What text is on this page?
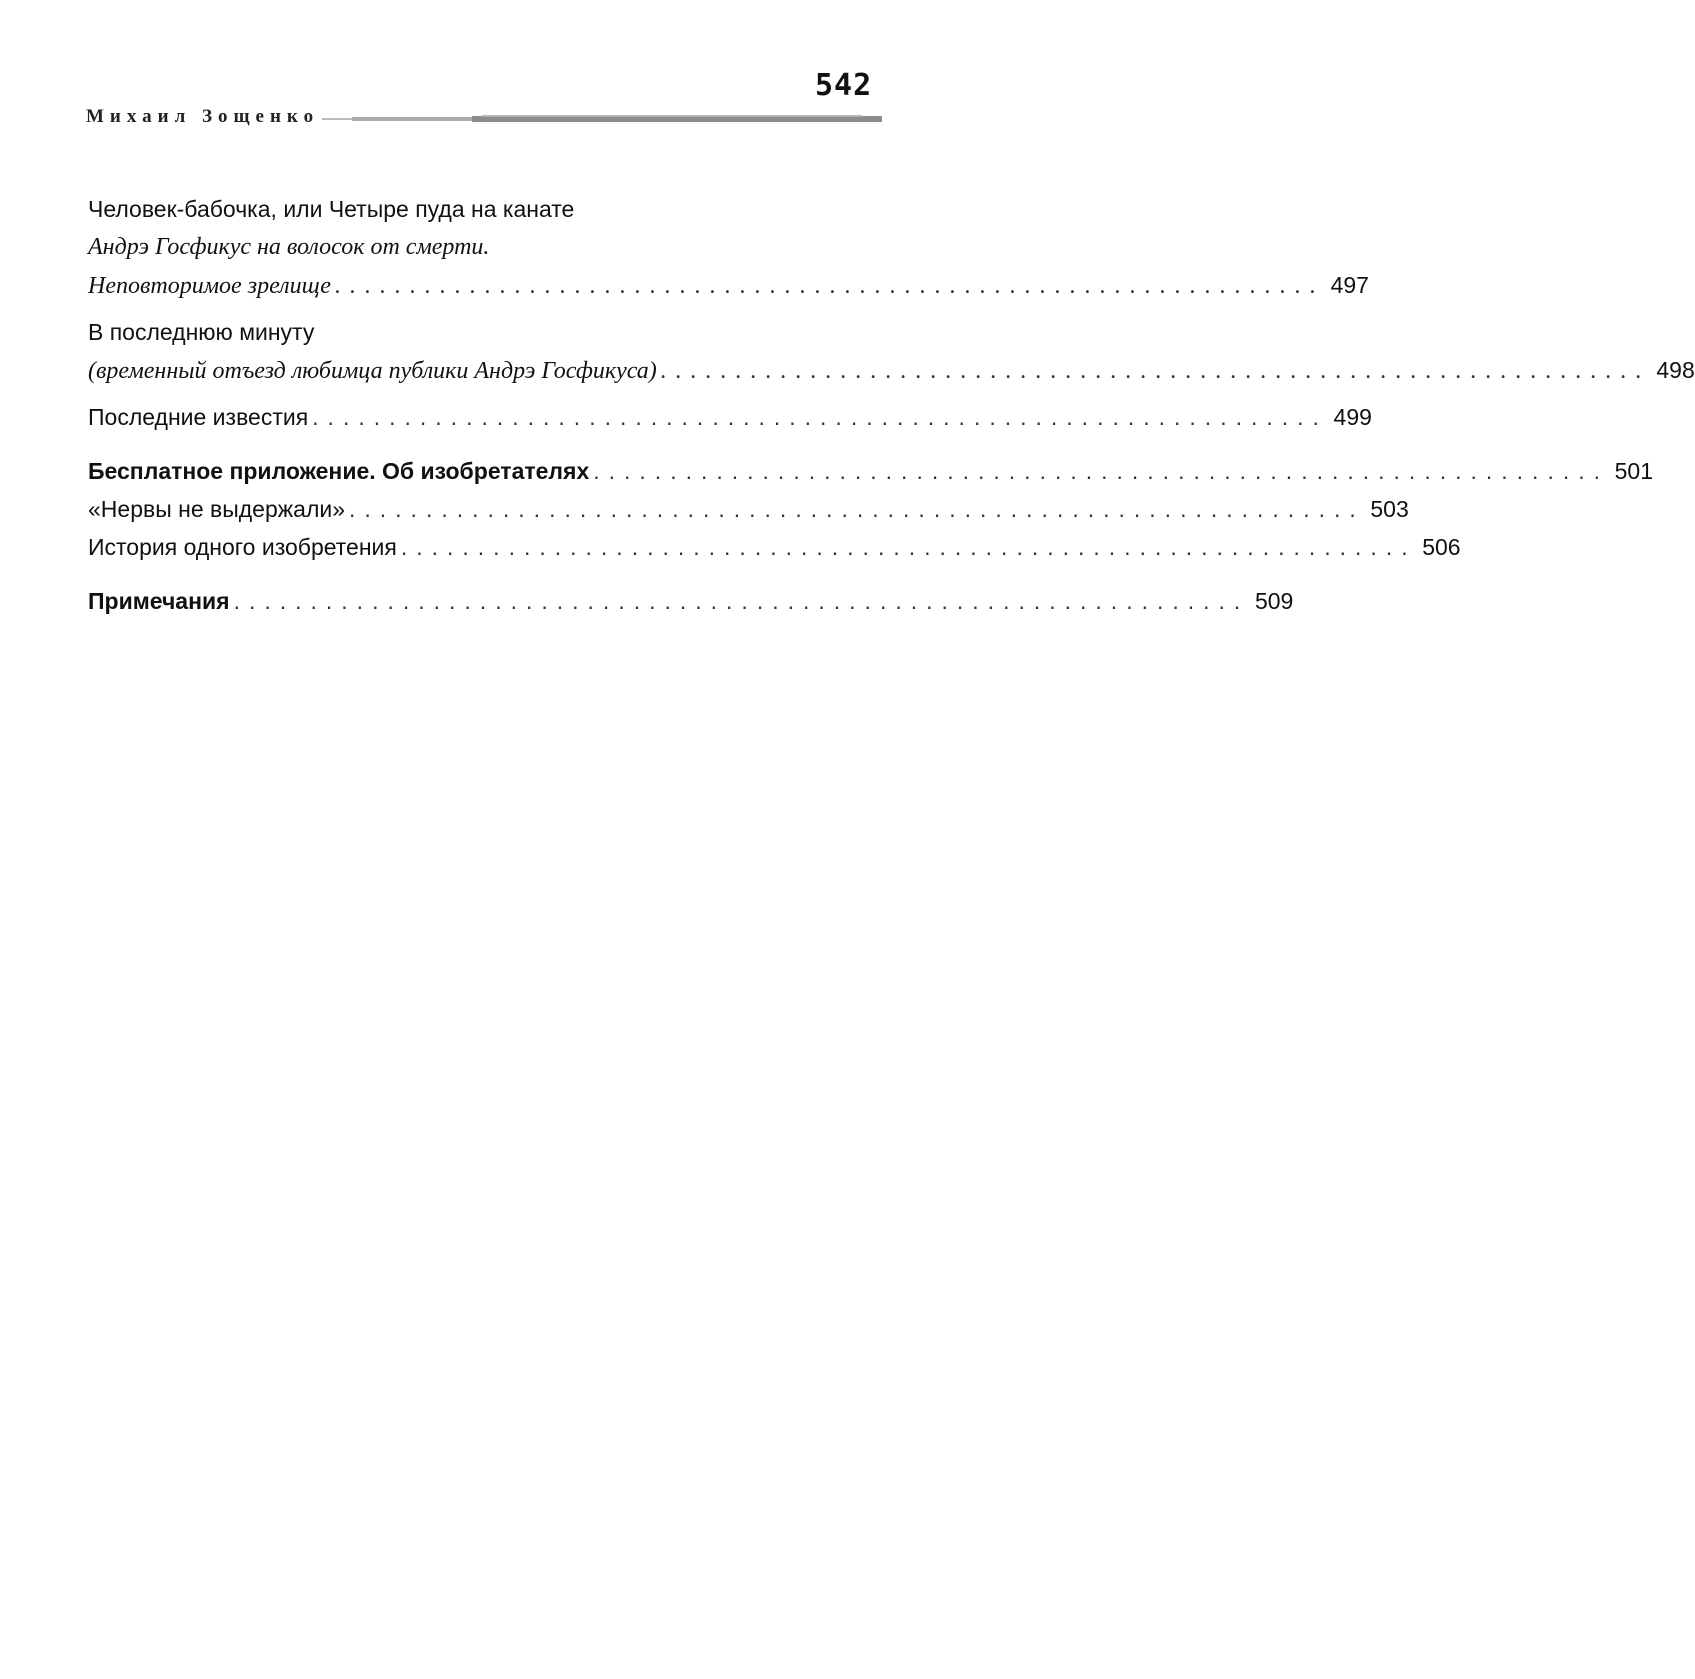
542
Михаил Зощенко
Человек-бабочка, или Четыре пуда на канате
Андрэ Госфикус на волосок от смерти.
Неповторимое зрелище .................................................................. 497
В последнюю минуту
(временный отъезд любимца публики Андрэ Госфикуса) .................................................................. 498
Последние известия .................................................................. 499
Бесплатное приложение. Об изобретателях .................................................................. 501
«Нервы не выдержали» .................................................................. 503
История одного изобретения .................................................................. 506
Примечания .................................................................. 509
